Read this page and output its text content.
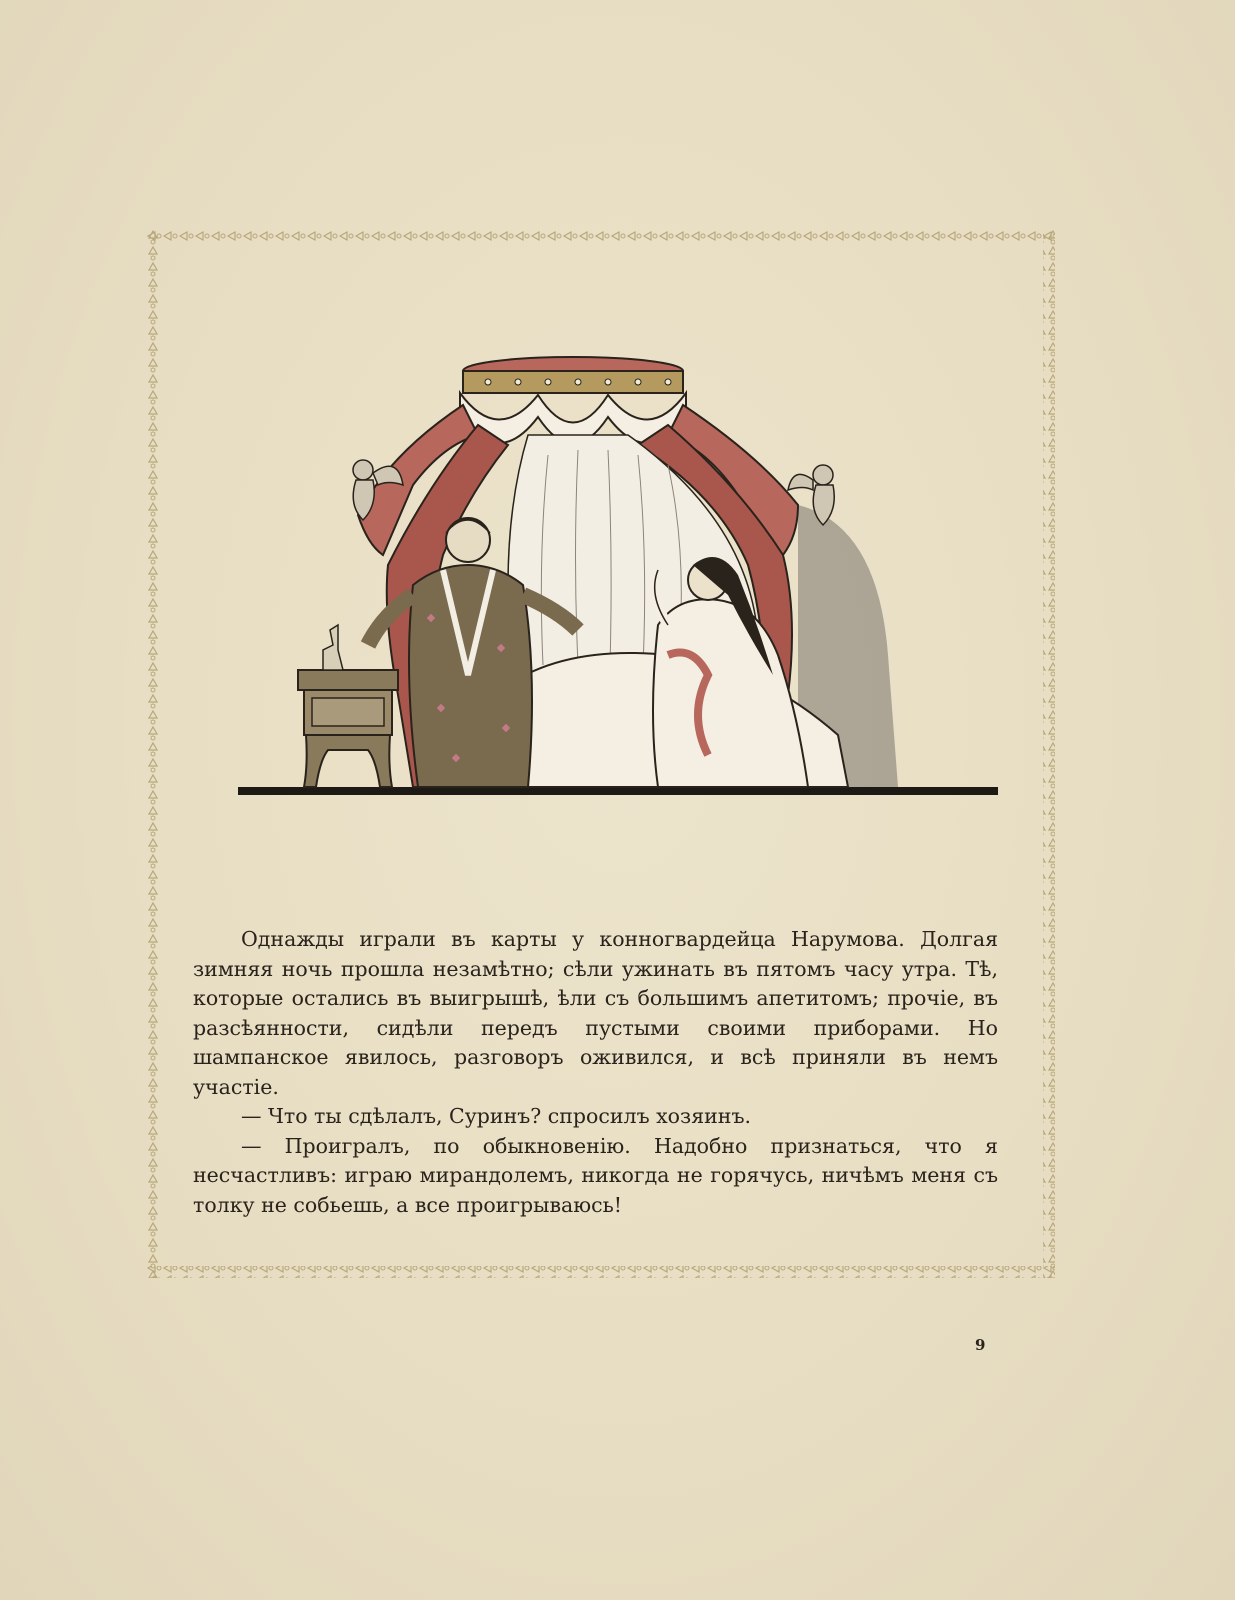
Однажды играли въ карты у конногвардейца Нарумова. Долгая зимняя ночь прошла незамѣтно; сѣли ужинать въ пятомъ часу утра. Тѣ, которые остались въ выигрышѣ, ѣли съ большимъ апетитомъ; прочіе, въ разсѣянности, сидѣли передъ пустыми своими приборами. Но шампанское явилось, разговоръ оживился, и всѣ приняли въ немъ участіе.

— Что ты сдѣлалъ, Суринъ? спросилъ хозяинъ.

— Проигралъ, по обыкновенію. Надобно признаться, что я несчастливъ: играю мирандолемъ, никогда не горячусь, ничѣмъ меня съ толку не собьешь, а все проигрываюсь!

9
